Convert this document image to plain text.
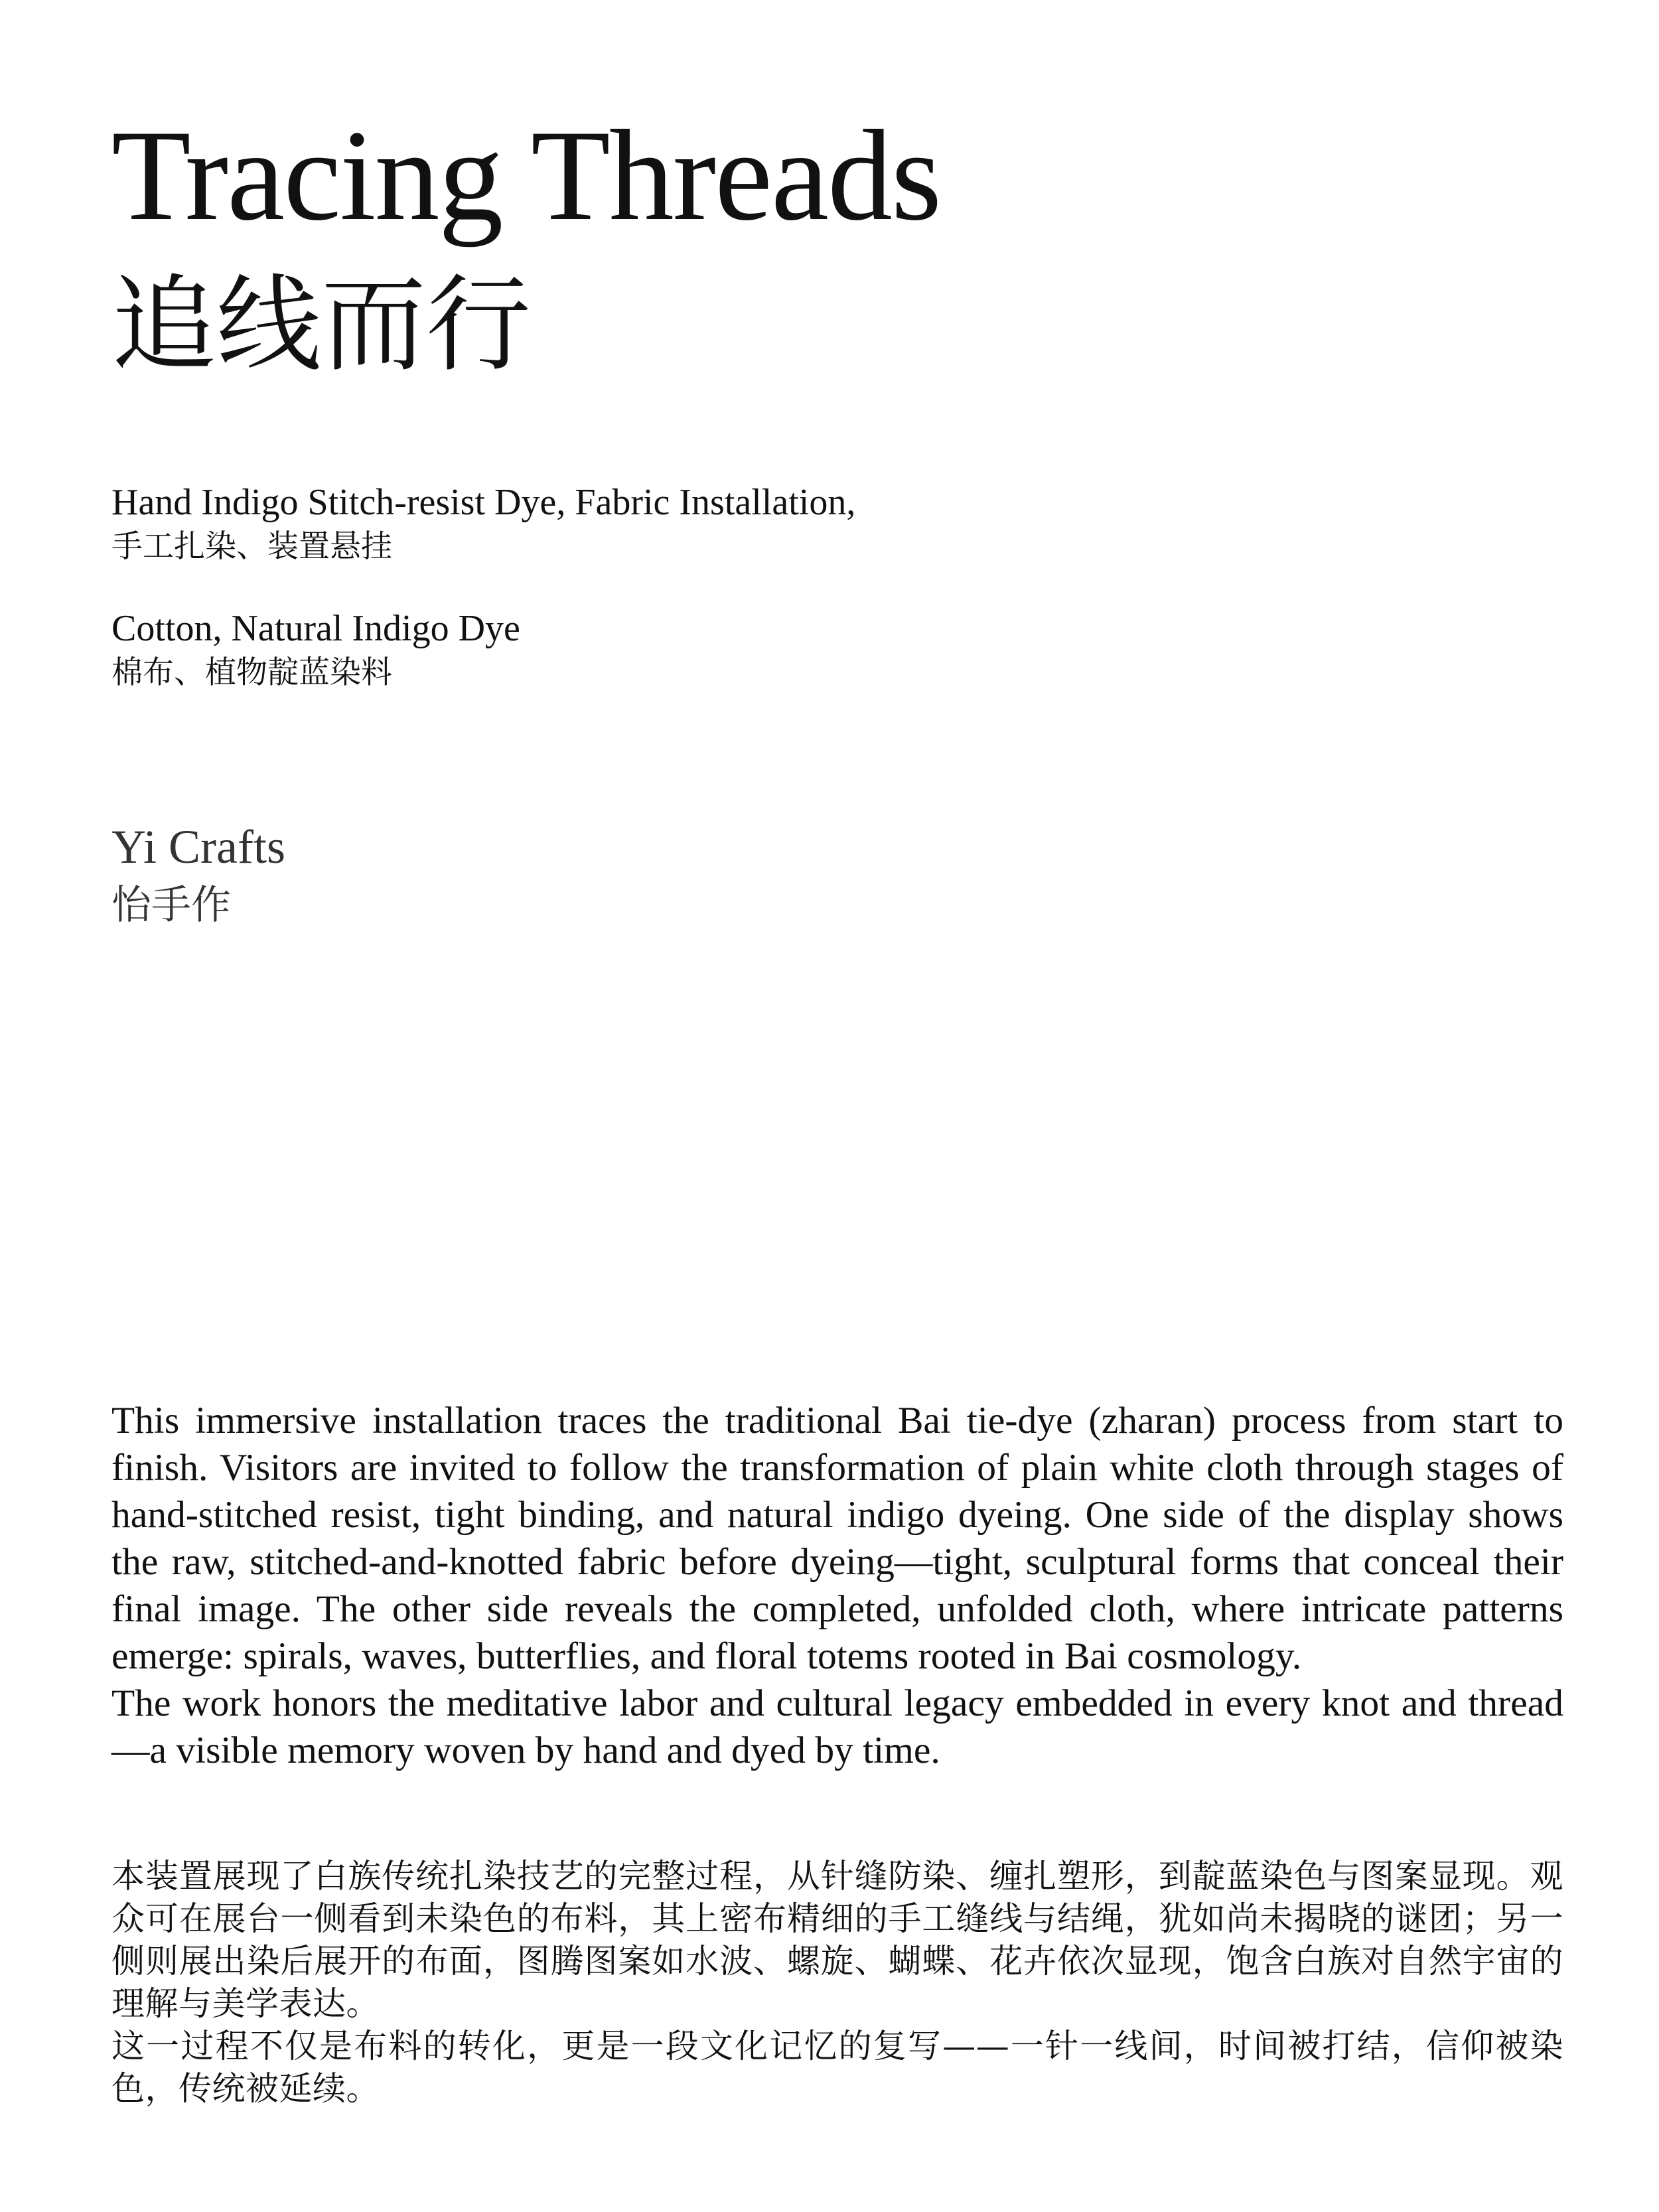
Tracing Threads
追线而行
Hand Indigo Stitch-resist Dye, Fabric Installation,
手工扎染、装置悬挂
Cotton, Natural Indigo Dye
棉布、植物靛蓝染料
Yi Crafts
怡手作

This immersive installation traces the traditional Bai tie-dye (zharan) process from start to finish. Visitors are invited to follow the transformation of plain white cloth through stages of hand-stitched resist, tight binding, and natural indigo dyeing. One side of the display shows the raw, stitched-and-knotted fabric before dyeing—tight, sculptural forms that conceal their final image. The other side reveals the completed, unfolded cloth, where intricate patterns emerge: spirals, waves, butterflies, and floral totems rooted in Bai cosmology.

The work honors the meditative labor and cultural legacy embedded in every knot and thread—a visible memory woven by hand and dyed by time.

本装置展现了白族传统扎染技艺的完整过程，从针缝防染、缠扎塑形，到靛蓝染色与图案显现。观众可在展台一侧看到未染色的布料，其上密布精细的手工缝线与结绳，犹如尚未揭晓的谜团；另一侧则展出染后展开的布面，图腾图案如水波、螺旋、蝴蝶、花卉依次显现，饱含白族对自然宇宙的理解与美学表达。

这一过程不仅是布料的转化，更是一段文化记忆的复写——一针一线间，时间被打结，信仰被染色，传统被延续。
